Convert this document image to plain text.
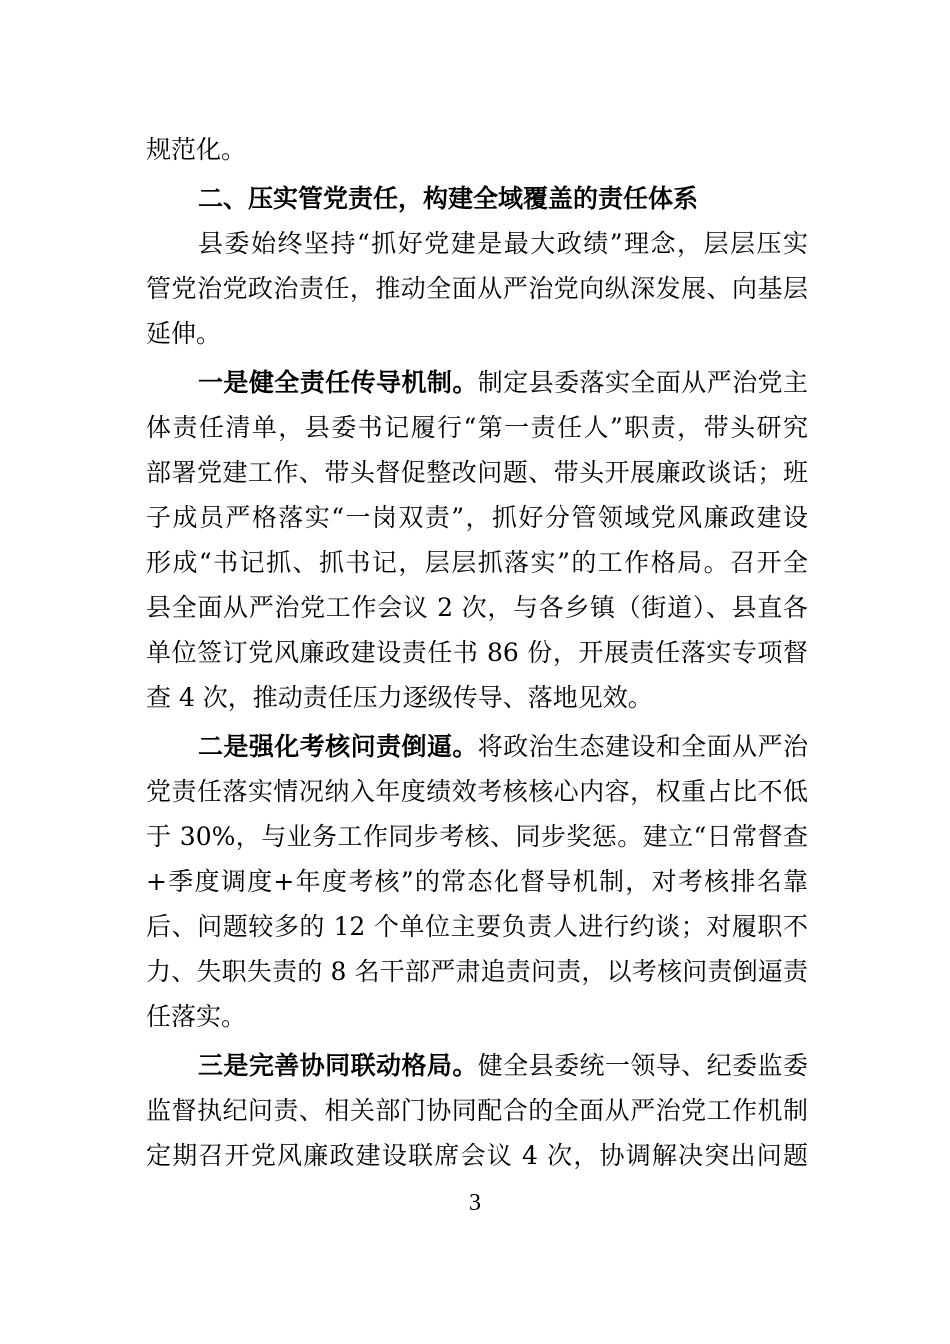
规范化。
二、压实管党责任，构建全域覆盖的责任体系
县委始终坚持“抓好党建是最大政绩”理念，层层压实
管党治党政治责任，推动全面从严治党向纵深发展、向基层
延伸。
一是健全责任传导机制。制定县委落实全面从严治党主
体责任清单，县委书记履行“第一责任人”职责，带头研究
部署党建工作、带头督促整改问题、带头开展廉政谈话；班
子成员严格落实“一岗双责”，抓好分管领域党风廉政建设
形成“书记抓、抓书记，层层抓落实”的工作格局。召开全
县全面从严治党工作会议 2 次，与各乡镇（街道）、县直各
单位签订党风廉政建设责任书 86 份，开展责任落实专项督
查 4 次，推动责任压力逐级传导、落地见效。
二是强化考核问责倒逼。将政治生态建设和全面从严治
党责任落实情况纳入年度绩效考核核心内容，权重占比不低
于 30%，与业务工作同步考核、同步奖惩。建立“日常督查
+季度调度+年度考核”的常态化督导机制，对考核排名靠
后、问题较多的 12 个单位主要负责人进行约谈；对履职不
力、失职失责的 8 名干部严肃追责问责，以考核问责倒逼责
任落实。
三是完善协同联动格局。健全县委统一领导、纪委监委
监督执纪问责、相关部门协同配合的全面从严治党工作机制
定期召开党风廉政建设联席会议 4 次，协调解决突出问题
3
